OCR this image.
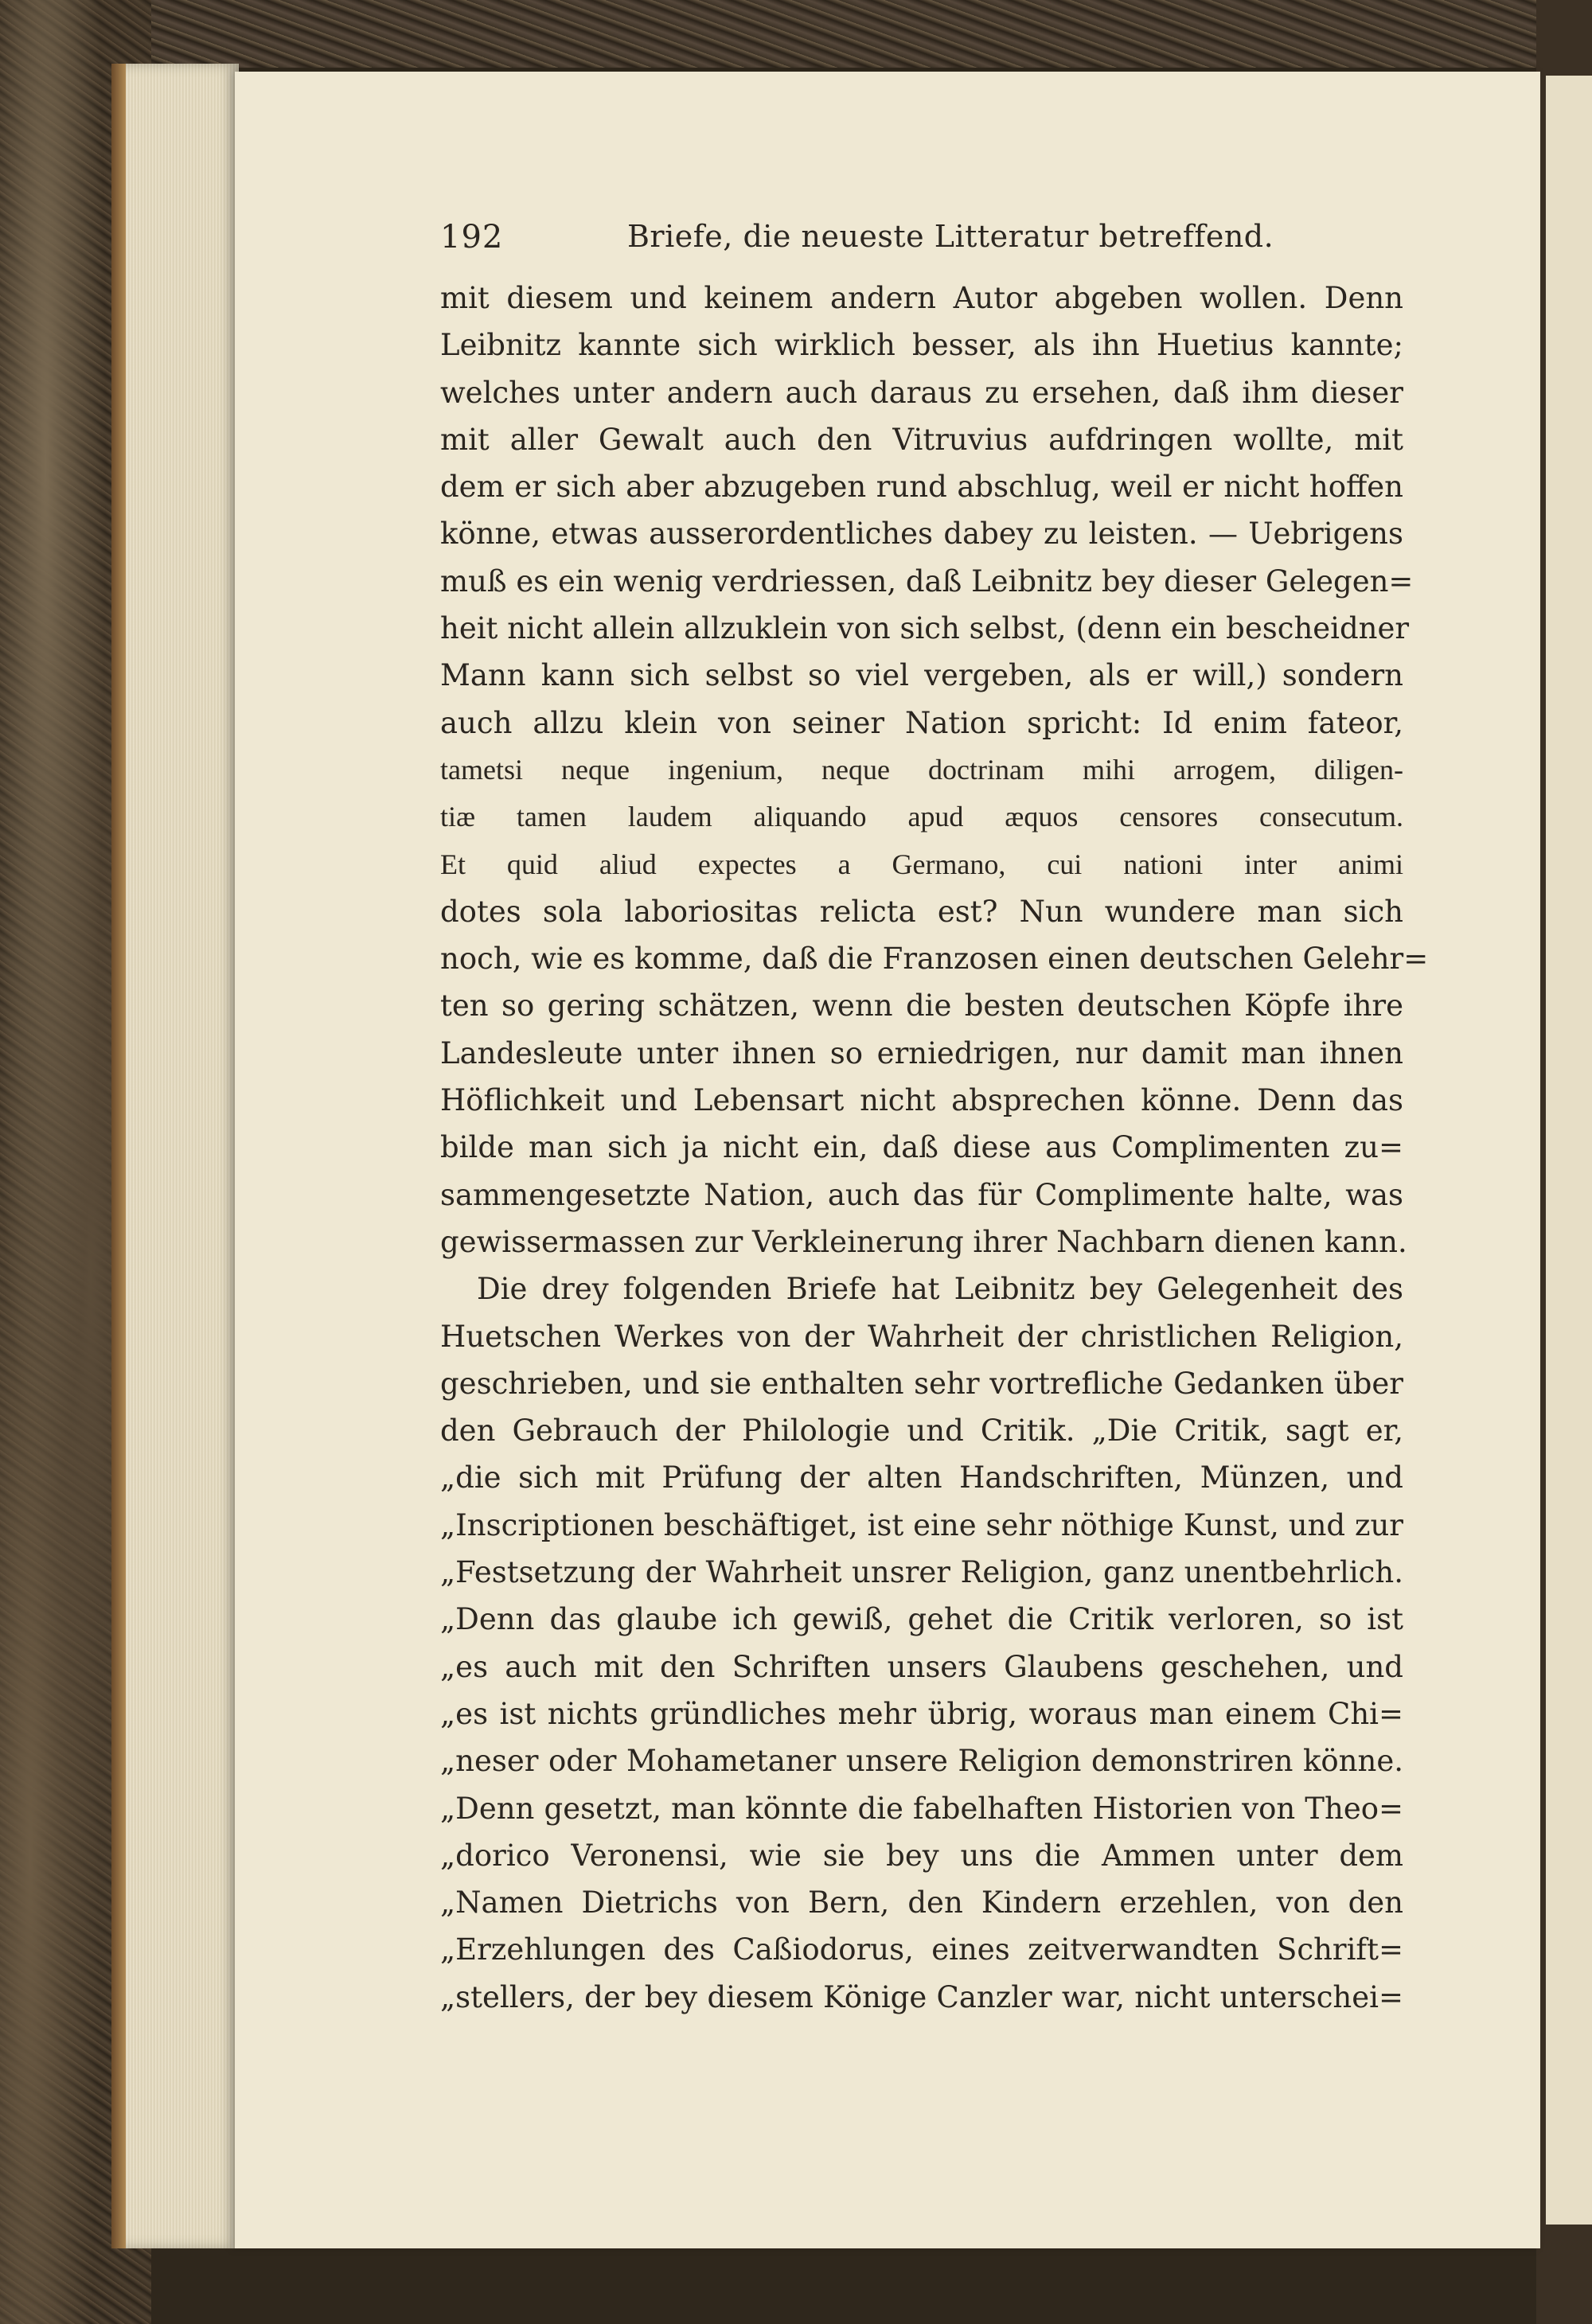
192	Briefe, die neueste Litteratur betreffend.
mit diesem und keinem andern Autor abgeben wollen. Denn
Leibnitz kannte sich wirklich besser, als ihn Huetius kannte;
welches unter andern auch daraus zu ersehen, daß ihm dieser
mit aller Gewalt auch den Vitruvius aufdringen wollte, mit
dem er sich aber abzugeben rund abschlug, weil er nicht hoffen
könne, etwas ausserordentliches dabey zu leisten. — Uebrigens
muß es ein wenig verdriessen, daß Leibnitz bey dieser Gelegen=
heit nicht allein allzuklein von sich selbst, (denn ein bescheidner
Mann kann sich selbst so viel vergeben, als er will,) sondern
auch allzu klein von seiner Nation spricht: Id enim fateor,
tametsi neque ingenium, neque doctrinam mihi arrogem, diligen-
tiæ tamen laudem aliquando apud æquos censores consecutum.
Et quid aliud expectes a Germano, cui nationi inter animi
dotes sola laboriositas relicta est? Nun wundere man sich
noch, wie es komme, daß die Franzosen einen deutschen Gelehr=
ten so gering schätzen, wenn die besten deutschen Köpfe ihre
Landesleute unter ihnen so erniedrigen, nur damit man ihnen
Höflichkeit und Lebensart nicht absprechen könne. Denn das
bilde man sich ja nicht ein, daß diese aus Complimenten zu=
sammengesetzte Nation, auch das für Complimente halte, was
gewissermassen zur Verkleinerung ihrer Nachbarn dienen kann.
Die drey folgenden Briefe hat Leibnitz bey Gelegenheit des
Huetschen Werkes von der Wahrheit der christlichen Religion,
geschrieben, und sie enthalten sehr vortrefliche Gedanken über
den Gebrauch der Philologie und Critik. „Die Critik, sagt er,
„die sich mit Prüfung der alten Handschriften, Münzen, und
„Inscriptionen beschäftiget, ist eine sehr nöthige Kunst, und zur
„Festsetzung der Wahrheit unsrer Religion, ganz unentbehrlich.
„Denn das glaube ich gewiß, gehet die Critik verloren, so ist
„es auch mit den Schriften unsers Glaubens geschehen, und
„es ist nichts gründliches mehr übrig, woraus man einem Chi=
„neser oder Mohametaner unsere Religion demonstriren könne.
„Denn gesetzt, man könnte die fabelhaften Historien von Theo=
„dorico Veronensi, wie sie bey uns die Ammen unter dem
„Namen Dietrichs von Bern, den Kindern erzehlen, von den
„Erzehlungen des Caßiodorus, eines zeitverwandten Schrift=
„stellers, der bey diesem Könige Canzler war, nicht unterschei=
